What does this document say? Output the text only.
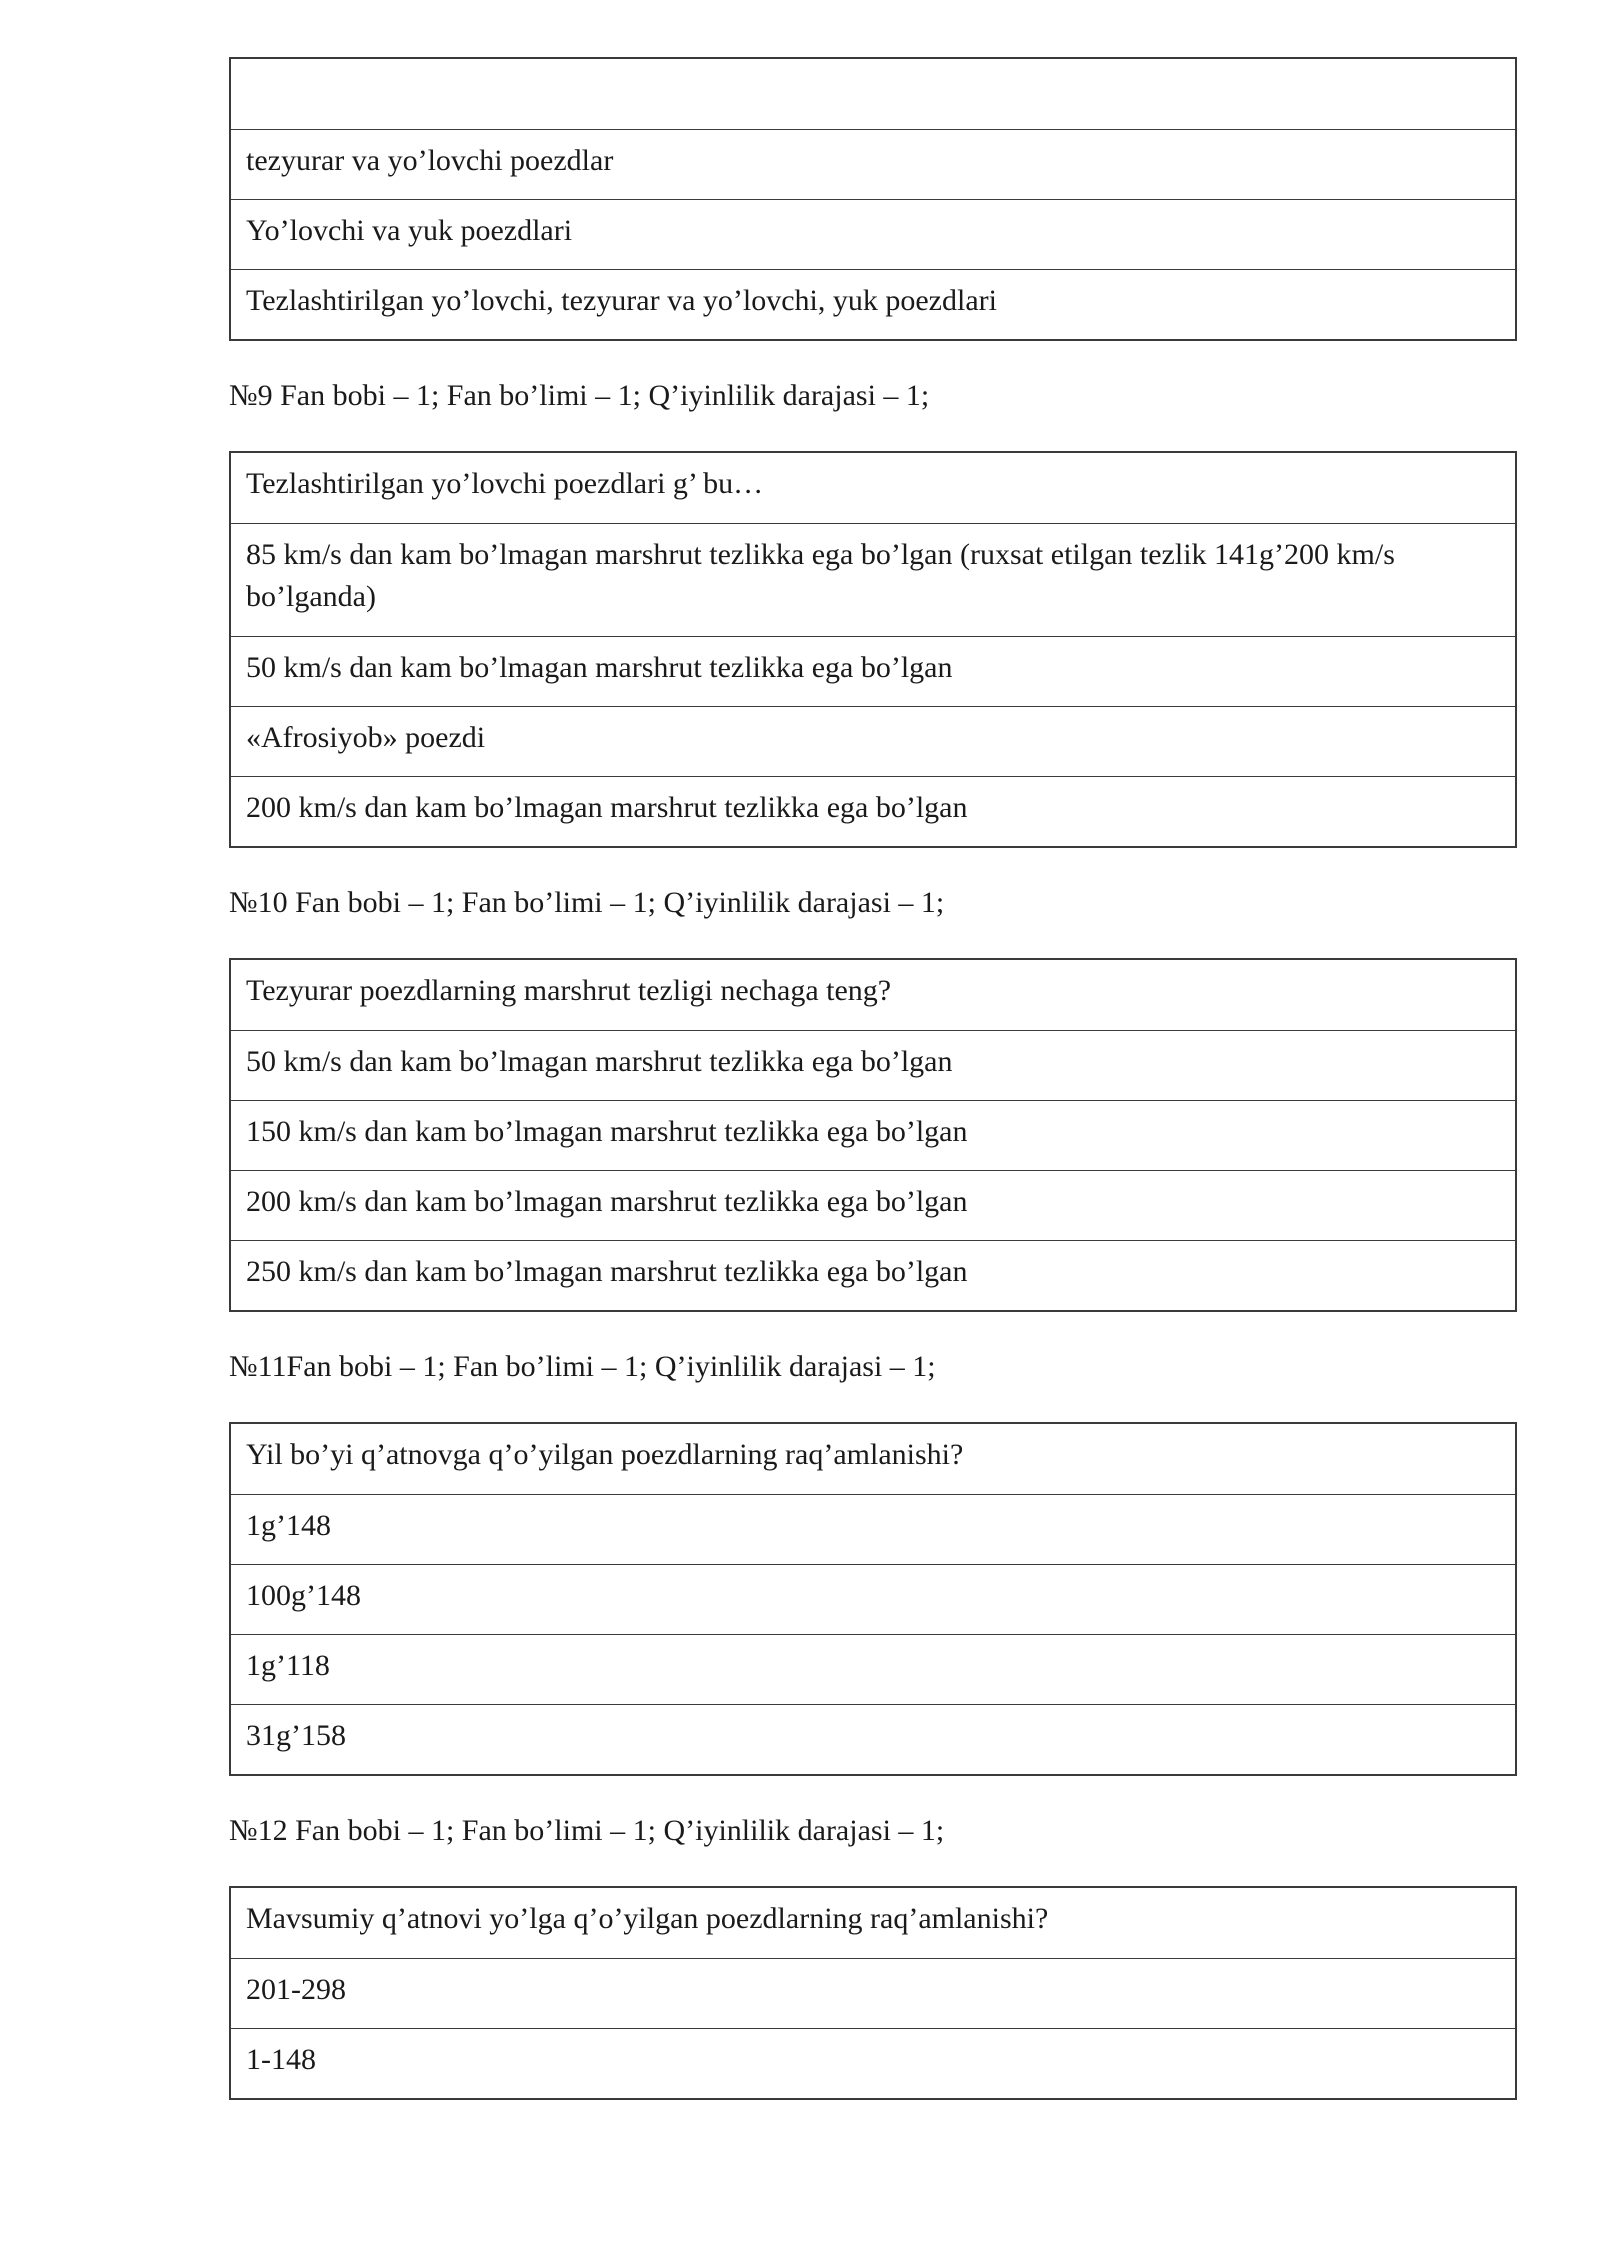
tezyurar va yo’lovchi poezdlar
Yo’lovchi va yuk poezdlari
Tezlashtirilgan yo’lovchi, tezyurar va yo’lovchi, yuk poezdlari
№9 Fan bobi – 1; Fan bo’limi – 1; Q’iyinlilik darajasi – 1;
Tezlashtirilgan yo’lovchi poezdlari g’ bu…
85 km/s dan kam bo’lmagan marshrut tezlikka ega bo’lgan (ruxsat etilgan tezlik 141g’200 km/s bo’lganda)
50 km/s dan kam bo’lmagan marshrut tezlikka ega bo’lgan
«Afrosiyob» poezdi
200 km/s dan kam bo’lmagan marshrut tezlikka ega bo’lgan
№10 Fan bobi – 1; Fan bo’limi – 1; Q’iyinlilik darajasi – 1;
Tezyurar poezdlarning marshrut tezligi nechaga teng?
50 km/s dan kam bo’lmagan marshrut tezlikka ega bo’lgan
150 km/s dan kam bo’lmagan marshrut tezlikka ega bo’lgan
200 km/s dan kam bo’lmagan marshrut tezlikka ega bo’lgan
250 km/s dan kam bo’lmagan marshrut tezlikka ega bo’lgan
№11Fan bobi – 1; Fan bo’limi – 1; Q’iyinlilik darajasi – 1;
Yil bo’yi q’atnovga q’o’yilgan poezdlarning raq’amlanishi?
1g’148
100g’148
1g’118
31g’158
№12 Fan bobi – 1; Fan bo’limi – 1; Q’iyinlilik darajasi – 1;
Mavsumiy q’atnovi yo’lga q’o’yilgan poezdlarning raq’amlanishi?
201-298
1-148
